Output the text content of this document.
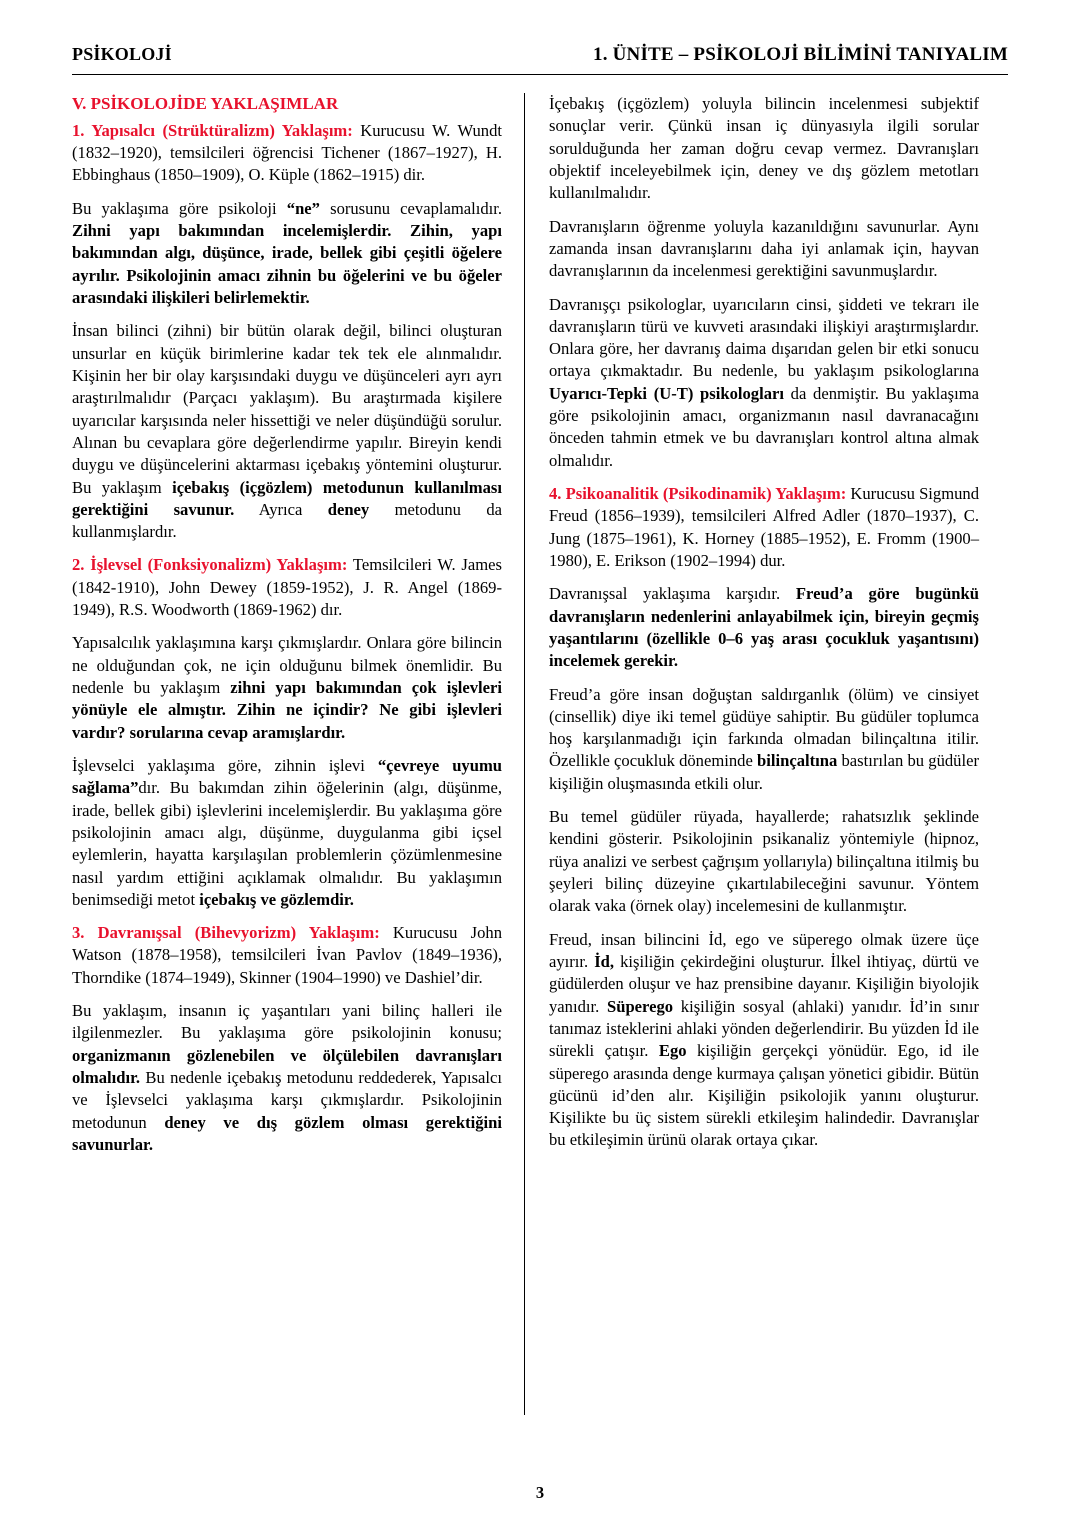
PSİKOLOJİ	1. ÜNİTE – PSİKOLOJİ BİLİMİNİ TANIYALIM
V. PSİKOLOJİDE YAKLAŞIMLAR

1. Yapısalcı (Strüktüralizm) Yaklaşım: Kurucusu W. Wundt (1832–1920), temsilcileri öğrencisi Tichener (1867–1927), H. Ebbinghaus (1850–1909), O. Küple (1862–1915) dir.

Bu yaklaşıma göre psikoloji “ne” sorusunu cevaplamalıdır. Zihni yapı bakımından incelemişlerdir. Zihin, yapı bakımından algı, düşünce, irade, bellek gibi çeşitli öğelere ayrılır. Psikolojinin amacı zihnin bu öğelerini ve bu öğeler arasındaki ilişkileri belirlemektir.

İnsan bilinci (zihni) bir bütün olarak değil, bilinci oluşturan unsurlar en küçük birimlerine kadar tek tek ele alınmalıdır. Kişinin her bir olay karşısındaki duygu ve düşünceleri ayrı ayrı araştırılmalıdır (Parçacı yaklaşım). Bu araştırmada kişilere uyarıcılar karşısında neler hissettiği ve neler düşündüğü sorulur. Alınan bu cevaplara göre değerlendirme yapılır. Bireyin kendi duygu ve düşüncelerini aktarması içebakış yöntemini oluşturur. Bu yaklaşım içebakış (içgözlem) metodunun kullanılması gerektiğini savunur. Ayrıca deney metodunu da kullanmışlardır.

2. İşlevsel (Fonksiyonalizm) Yaklaşım: Temsilcileri W. James (1842-1910), John Dewey (1859-1952), J. R. Angel (1869-1949), R.S. Woodworth (1869-1962) dır.

Yapısalcılık yaklaşımına karşı çıkmışlardır. Onlara göre bilincin ne olduğundan çok, ne için olduğunu bilmek önemlidir. Bu nedenle bu yaklaşım zihni yapı bakımından çok işlevleri yönüyle ele almıştır. Zihin ne içindir? Ne gibi işlevleri vardır? sorularına cevap aramışlardır.

İşlevselci yaklaşıma göre, zihnin işlevi “çevreye uyumu sağlama”dır. Bu bakımdan zihin öğelerinin (algı, düşünme, irade, bellek gibi) işlevlerini incelemişlerdir. Bu yaklaşıma göre psikolojinin amacı algı, düşünme, duygulanma gibi içsel eylemlerin, hayatta karşılaşılan problemlerin çözümlenmesine nasıl yardım ettiğini açıklamak olmalıdır. Bu yaklaşımın benimsediği metot içebakış ve gözlemdir.

3. Davranışsal (Bihevyorizm) Yaklaşım: Kurucusu John Watson (1878–1958), temsilcileri İvan Pavlov (1849–1936), Thorndike (1874–1949), Skinner (1904–1990) ve Dashiel’dir.

Bu yaklaşım, insanın iç yaşantıları yani bilinç halleri ile ilgilenmezler. Bu yaklaşıma göre psikolojinin konusu; organizmanın gözlenebilen ve ölçülebilen davranışları olmalıdır. Bu nedenle içebakış metodunu reddederek, Yapısalcı ve İşlevselci yaklaşıma karşı çıkmışlardır. Psikolojinin metodunun deney ve dış gözlem olması gerektiğini savunurlar.

İçebakış (içgözlem) yoluyla bilincin incelenmesi subjektif sonuçlar verir. Çünkü insan iç dünyasıyla ilgili sorular sorulduğunda her zaman doğru cevap vermez. Davranışları objektif inceleyebilmek için, deney ve dış gözlem metotları kullanılmalıdır.

Davranışların öğrenme yoluyla kazanıldığını savunurlar. Aynı zamanda insan davranışlarını daha iyi anlamak için, hayvan davranışlarının da incelenmesi gerektiğini savunmuşlardır.

Davranışçı psikologlar, uyarıcıların cinsi, şiddeti ve tekrarı ile davranışların türü ve kuvveti arasındaki ilişkiyi araştırmışlardır. Onlara göre, her davranış daima dışarıdan gelen bir etki sonucu ortaya çıkmaktadır. Bu nedenle, bu yaklaşım psikologlarına Uyarıcı-Tepki (U-T) psikologları da denmiştir. Bu yaklaşıma göre psikolojinin amacı, organizmanın nasıl davranacağını önceden tahmin etmek ve bu davranışları kontrol altına almak olmalıdır.

4. Psikoanalitik (Psikodinamik) Yaklaşım: Kurucusu Sigmund Freud (1856–1939), temsilcileri Alfred Adler (1870–1937), C. Jung (1875–1961), K. Horney (1885–1952), E. Fromm (1900–1980), E. Erikson (1902–1994) dur.

Davranışsal yaklaşıma karşıdır. Freud’a göre bugünkü davranışların nedenlerini anlayabilmek için, bireyin geçmiş yaşantılarını (özellikle 0–6 yaş arası çocukluk yaşantısını) incelemek gerekir.

Freud’a göre insan doğuştan saldırganlık (ölüm) ve cinsiyet (cinsellik) diye iki temel güdüye sahiptir. Bu güdüler toplumca hoş karşılanmadığı için farkında olmadan bilinçaltına itilir. Özellikle çocukluk döneminde bilinçaltına bastırılan bu güdüler kişiliğin oluşmasında etkili olur.

Bu temel güdüler rüyada, hayallerde; rahatsızlık şeklinde kendini gösterir. Psikolojinin psikanaliz yöntemiyle (hipnoz, rüya analizi ve serbest çağrışım yollarıyla) bilinçaltına itilmiş bu şeyleri bilinç düzeyine çıkartılabileceğini savunur. Yöntem olarak vaka (örnek olay) incelemesini de kullanmıştır.

Freud, insan bilincini İd, ego ve süperego olmak üzere üçe ayırır. İd, kişiliğin çekirdeğini oluşturur. İlkel ihtiyaç, dürtü ve güdülerden oluşur ve haz prensibine dayanır. Kişiliğin biyolojik yanıdır. Süperego kişiliğin sosyal (ahlaki) yanıdır. İd’in sınır tanımaz isteklerini ahlaki yönden değerlendirir. Bu yüzden İd ile sürekli çatışır. Ego kişiliğin gerçekçi yönüdür. Ego, id ile süperego arasında denge kurmaya çalışan yönetici gibidir. Bütün gücünü id’den alır. Kişiliğin psikolojik yanını oluşturur. Kişilikte bu üç sistem sürekli etkileşim halindedir. Davranışlar bu etkileşimin ürünü olarak ortaya çıkar.

3
